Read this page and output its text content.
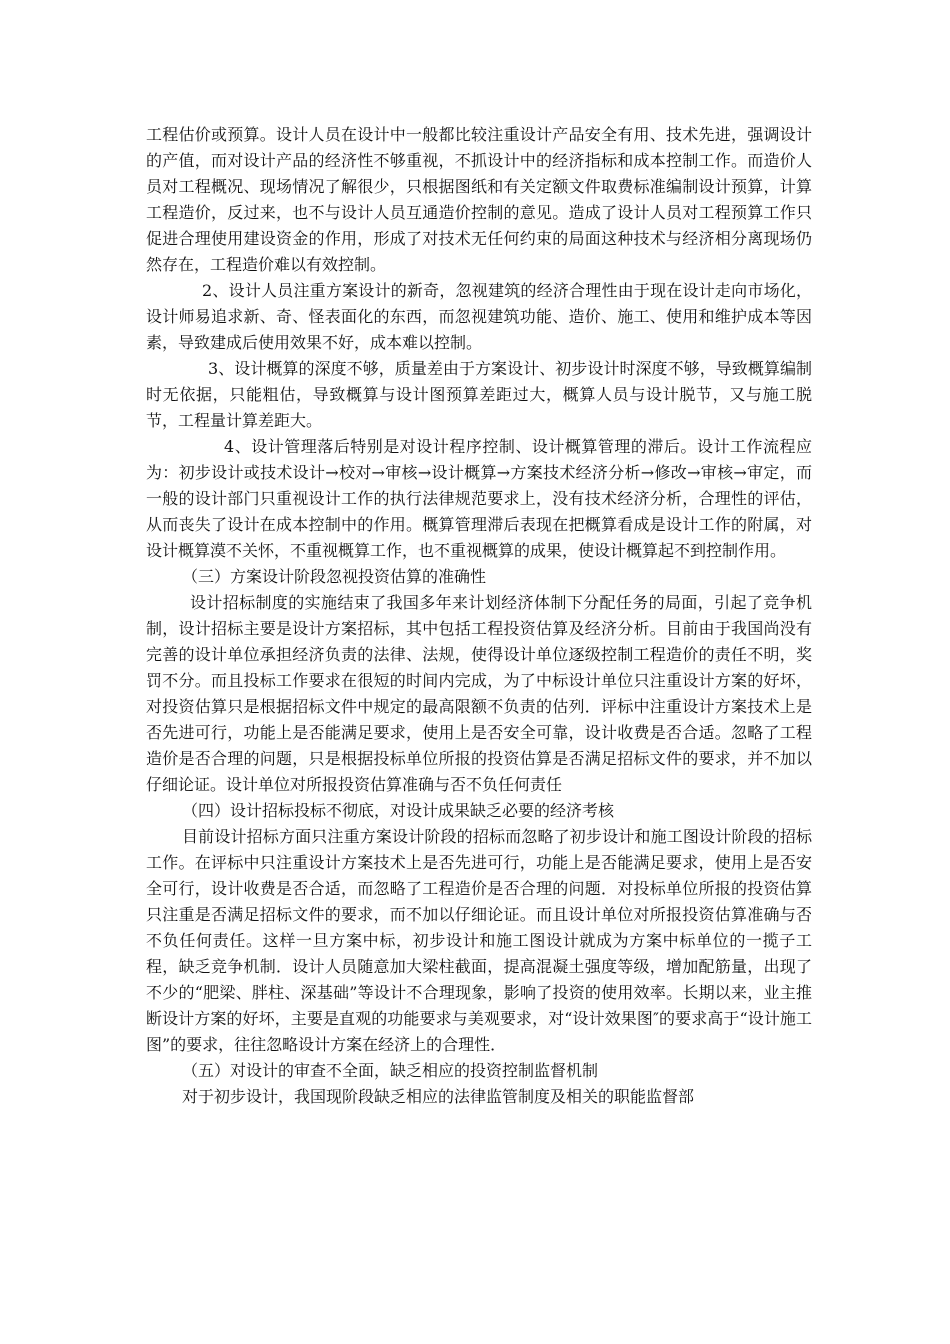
工程估价或预算。设计人员在设计中一般都比较注重设计产品安全有用、技术先进，强调设计的产值，而对设计产品的经济性不够重视，不抓设计中的经济指标和成本控制工作。而造价人员对工程概况、现场情况了解很少，只根据图纸和有关定额文件取费标准编制设计预算，计算工程造价，反过来，也不与设计人员互通造价控制的意见。造成了设计人员对工程预算工作只促进合理使用建设资金的作用，形成了对技术无任何约束的局面这种技术与经济相分离现场仍然存在，工程造价难以有效控制。

2、设计人员注重方案设计的新奇，忽视建筑的经济合理性由于现在设计走向市场化，设计师易追求新、奇、怪表面化的东西，而忽视建筑功能、造价、施工、使用和维护成本等因素，导致建成后使用效果不好，成本难以控制。

3、设计概算的深度不够，质量差由于方案设计、初步设计时深度不够，导致概算编制时无依据，只能粗估，导致概算与设计图预算差距过大，概算人员与设计脱节，又与施工脱节，工程量计算差距大。

4、设计管理落后特别是对设计程序控制、设计概算管理的滞后。设计工作流程应为：初步设计或技术设计→校对→审核→设计概算→方案技术经济分析→修改→审核→审定，而一般的设计部门只重视设计工作的执行法律规范要求上，没有技术经济分析，合理性的评估，从而丧失了设计在成本控制中的作用。概算管理滞后表现在把概算看成是设计工作的附属，对设计概算漠不关怀，不重视概算工作，也不重视概算的成果，使设计概算起不到控制作用。

（三）方案设计阶段忽视投资估算的准确性

设计招标制度的实施结束了我国多年来计划经济体制下分配任务的局面，引起了竞争机制，设计招标主要是设计方案招标，其中包括工程投资估算及经济分析。目前由于我国尚没有完善的设计单位承担经济负责的法律、法规，使得设计单位逐级控制工程造价的责任不明，奖罚不分。而且投标工作要求在很短的时间内完成，为了中标设计单位只注重设计方案的好坏，对投资估算只是根据招标文件中规定的最高限额不负责的估列．评标中注重设计方案技术上是否先进可行，功能上是否能满足要求，使用上是否安全可靠，设计收费是否合适。忽略了工程造价是否合理的问题，只是根据投标单位所报的投资估算是否满足招标文件的要求，并不加以仔细论证。设计单位对所报投资估算准确与否不负任何责任

（四）设计招标投标不彻底，对设计成果缺乏必要的经济考核

目前设计招标方面只注重方案设计阶段的招标而忽略了初步设计和施工图设计阶段的招标工作。在评标中只注重设计方案技术上是否先进可行，功能上是否能满足要求，使用上是否安全可行，设计收费是否合适，而忽略了工程造价是否合理的问题．对投标单位所报的投资估算只注重是否满足招标文件的要求，而不加以仔细论证。而且设计单位对所报投资估算准确与否不负任何责任。这样一旦方案中标，初步设计和施工图设计就成为方案中标单位的一揽子工程，缺乏竞争机制．设计人员随意加大梁柱截面，提高混凝土强度等级，增加配筋量，出现了不少的“肥梁、胖柱、深基础”等设计不合理现象，影响了投资的使用效率。长期以来，业主推断设计方案的好坏，主要是直观的功能要求与美观要求，对“设计效果图″的要求高于“设计施工图”的要求，往往忽略设计方案在经济上的合理性．

（五）对设计的审查不全面，缺乏相应的投资控制监督机制

对于初步设计，我国现阶段缺乏相应的法律监管制度及相关的职能监督部
